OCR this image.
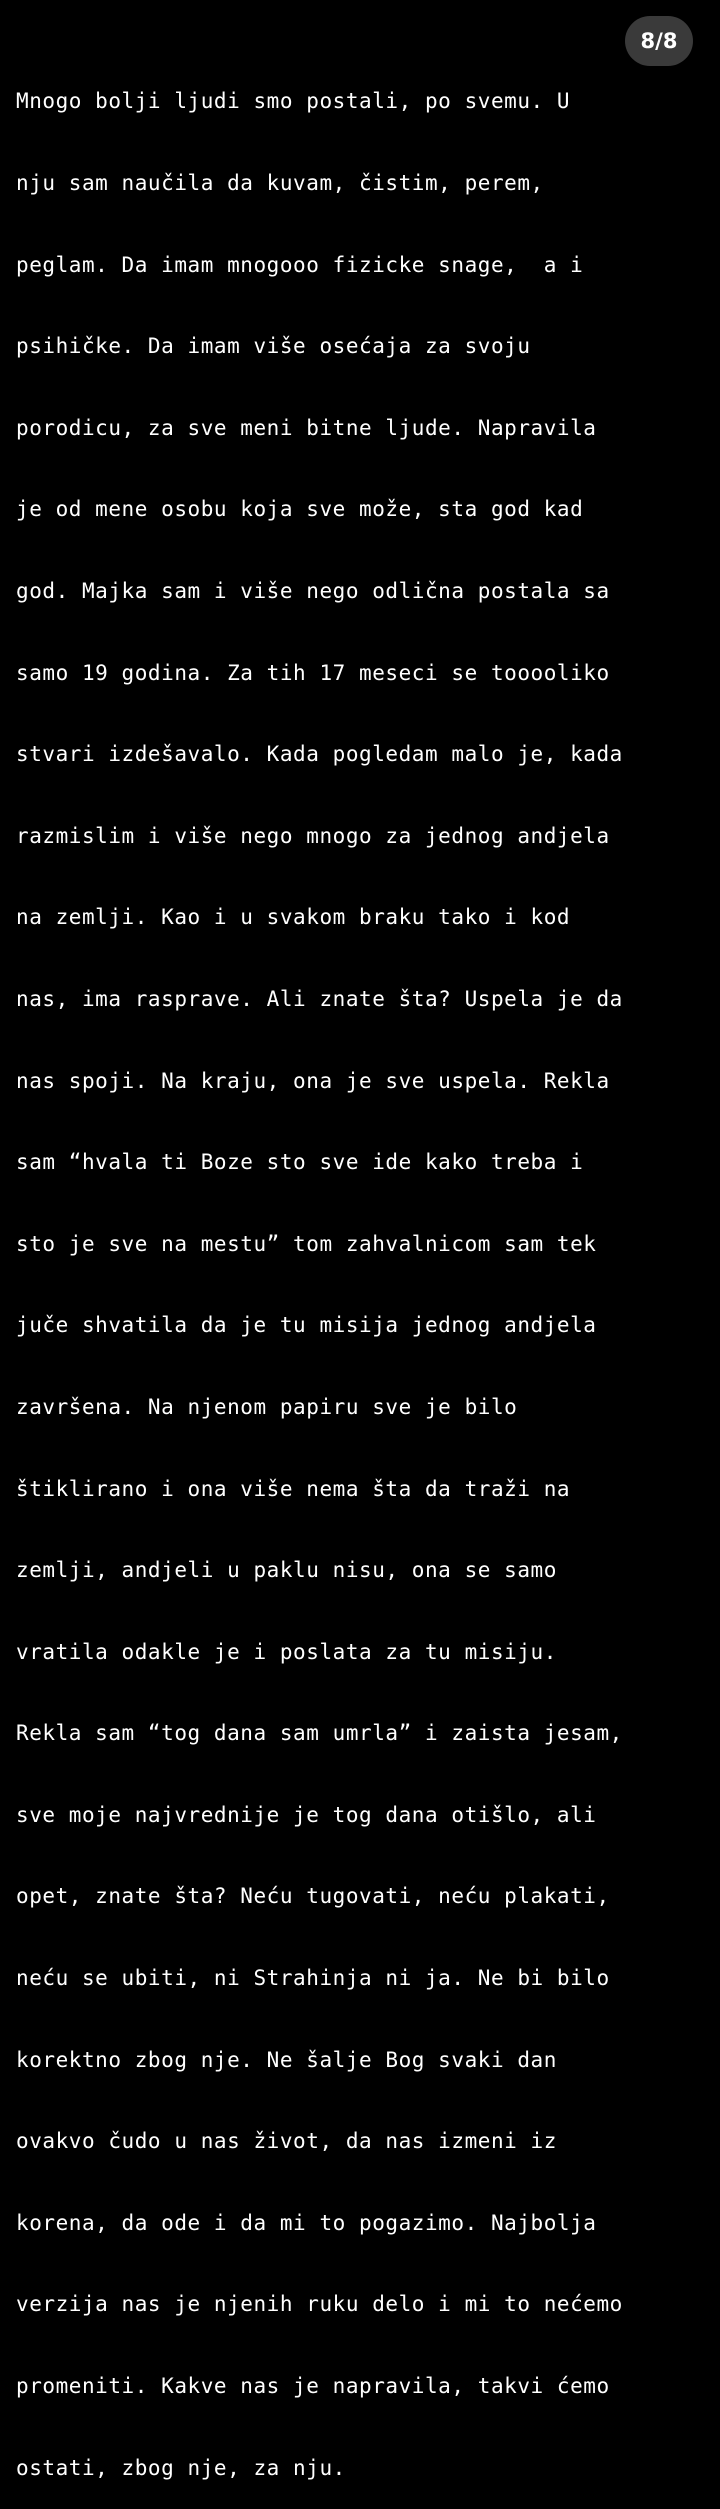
Mnogo bolji ljudi smo postali, po svemu. U

nju sam naučila da kuvam, čistim, perem,

peglam. Da imam mnogooo fizicke snage,  a i

psihičke. Da imam više osećaja za svoju

porodicu, za sve meni bitne ljude. Napravila

je od mene osobu koja sve može, sta god kad

god. Majka sam i više nego odlična postala sa

samo 19 godina. Za tih 17 meseci se tooooliko

stvari izdešavalo. Kada pogledam malo je, kada

razmislim i više nego mnogo za jednog andjela

na zemlji. Kao i u svakom braku tako i kod

nas, ima rasprave. Ali znate šta? Uspela je da

nas spoji. Na kraju, ona je sve uspela. Rekla

sam “hvala ti Boze sto sve ide kako treba i

sto je sve na mestu” tom zahvalnicom sam tek

juče shvatila da je tu misija jednog andjela

završena. Na njenom papiru sve je bilo

štiklirano i ona više nema šta da traži na

zemlji, andjeli u paklu nisu, ona se samo

vratila odakle je i poslata za tu misiju.

Rekla sam “tog dana sam umrla” i zaista jesam,

sve moje najvrednije je tog dana otišlo, ali

opet, znate šta? Neću tugovati, neću plakati,

neću se ubiti, ni Strahinja ni ja. Ne bi bilo

korektno zbog nje. Ne šalje Bog svaki dan

ovakvo čudo u nas život, da nas izmeni iz

korena, da ode i da mi to pogazimo. Najbolja

verzija nas je njenih ruku delo i mi to nećemo

promeniti. Kakve nas je napravila, takvi ćemo

ostati, zbog nje, za nju.

8/8
